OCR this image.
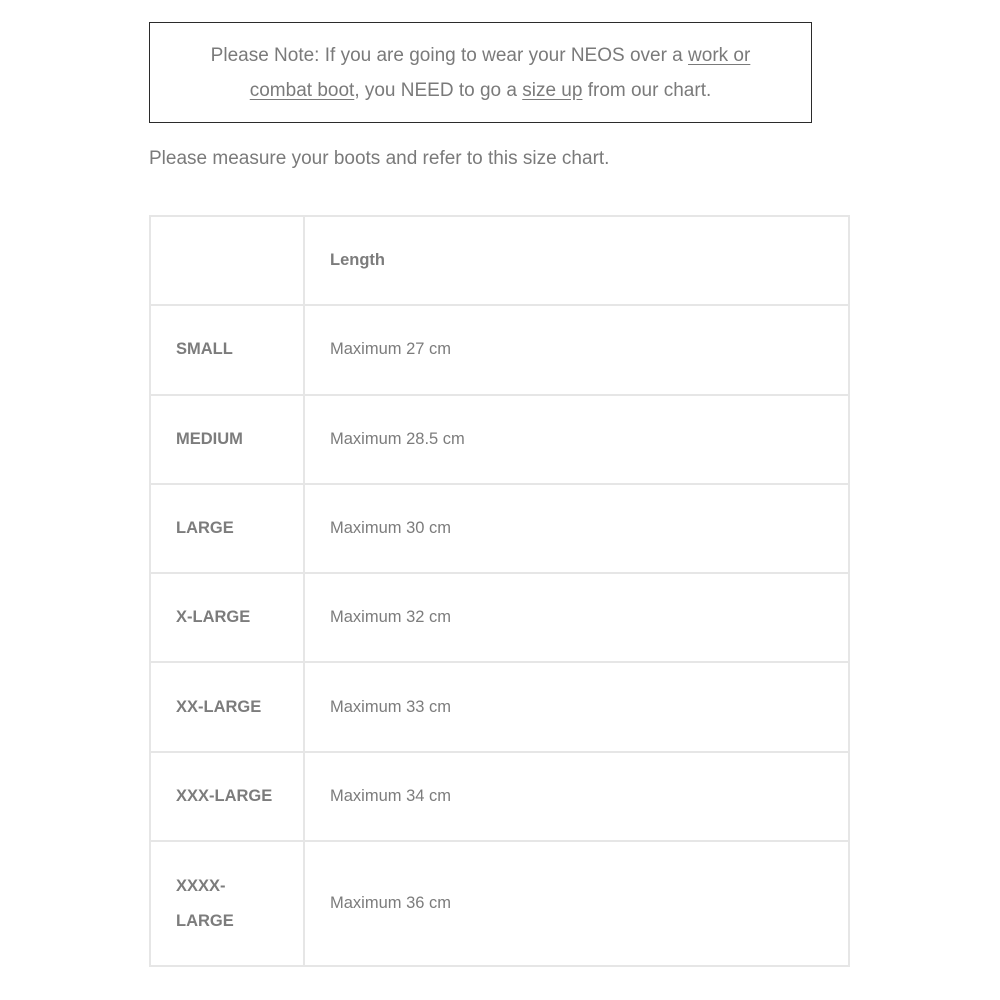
Please Note: If you are going to wear your NEOS over a work or combat boot, you NEED to go a size up from our chart.

Please measure your boots and refer to this size chart.

	Length
SMALL	Maximum 27 cm
MEDIUM	Maximum 28.5 cm
LARGE	Maximum 30 cm
X-LARGE	Maximum 32 cm
XX-LARGE	Maximum 33 cm
XXX-LARGE	Maximum 34 cm
XXXX-
LARGE	Maximum 36 cm
